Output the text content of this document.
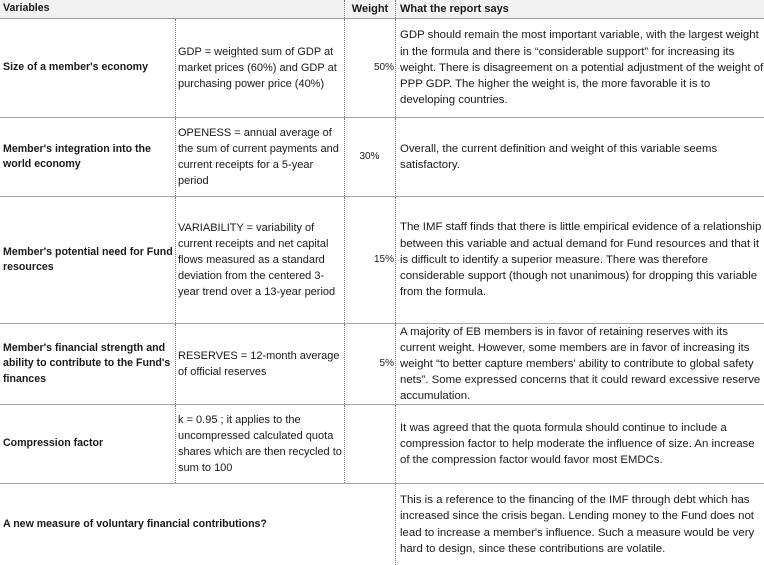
Variables	Weight What the report says
Size of a member's economy
GDP = weighted sum of GDP at market prices (60%) and GDP at purchasing power price (40%)
50%
GDP should remain the most important variable, with the largest weight in the formula and there is “considerable support” for increasing its weight. There is disagreement on a potential adjustment of the weight of PPP GDP. The higher the weight is, the more favorable it is to developing countries.
Member's integration into the world economy
OPENESS = annual average of the sum of current payments and current receipts for a 5-year period
30%
Overall, the current definition and weight of this variable seems satisfactory.
Member's potential need for Fund resources
VARIABILITY = variability of current receipts and net capital flows measured as a standard deviation from the centered 3-year trend over a 13-year period
15%
The IMF staff finds that there is little empirical evidence of a relationship between this variable and actual demand for Fund resources and that it is difficult to identify a superior measure. There was therefore considerable support (though not unanimous) for dropping this variable from the formula.
Member's financial strength and ability to contribute to the Fund's finances
RESERVES = 12-month average of official reserves
5%
A majority of EB members is in favor of retaining reserves with its current weight. However, some members are in favor of increasing its weight “to better capture members' ability to contribute to global safety nets”. Some expressed concerns that it could reward excessive reserve accumulation.
Compression factor
k = 0.95 ; it applies to the uncompressed calculated quota shares which are then recycled to sum to 100
It was agreed that the quota formula should continue to include a compression factor to help moderate the influence of size. An increase of the compression factor would favor most EMDCs.
A new measure of voluntary financial contributions?
This is a reference to the financing of the IMF through debt which has increased since the crisis began. Lending money to the Fund does not lead to increase a member's influence. Such a measure would be very hard to design, since these contributions are volatile.
